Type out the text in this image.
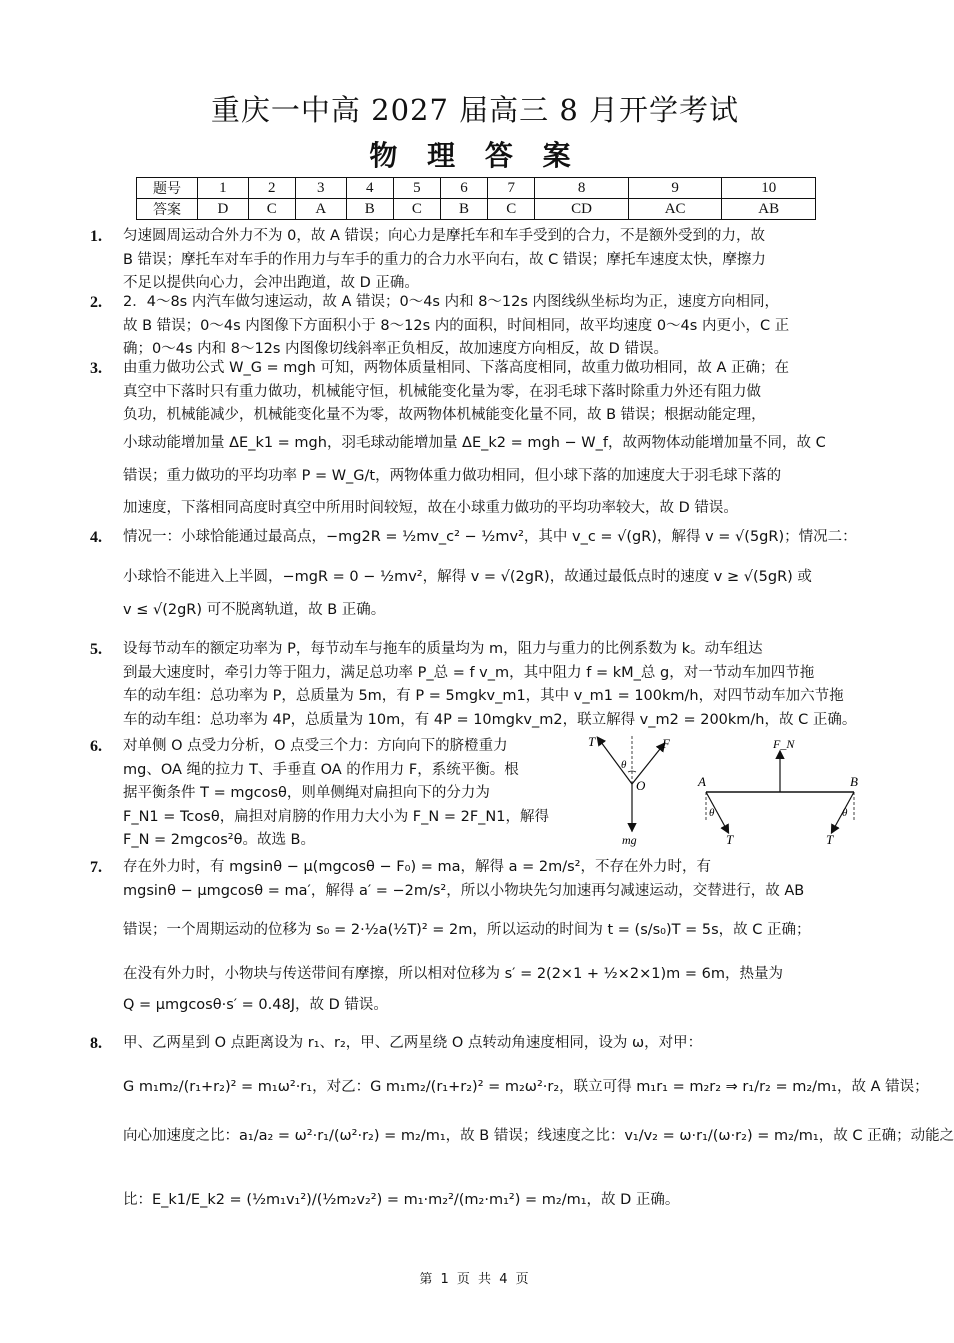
重庆一中高 2027 届高三 8 月开学考试
物 理 答 案
题号	1	2	3	4	5	6	7	8	9	10
答案	D	C	A	B	C	B	C	CD	AC	AB
1. 匀速圆周运动合外力不为 0，故 A 错误；向心力是摩托车和车手受到的合力，不是额外受到的力，故
B 错误；摩托车对车手的作用力与车手的重力的合力水平向右，故 C 错误；摩托车速度太快，摩擦力
不足以提供向心力，会冲出跑道，故 D 正确。
2. 2．4～8s 内汽车做匀速运动，故 A 错误；0～4s 内和 8～12s 内图线纵坐标均为正，速度方向相同，
故 B 错误；0～4s 内图像下方面积小于 8～12s 内的面积，时间相同，故平均速度 0～4s 内更小，C 正
确；0～4s 内和 8～12s 内图像切线斜率正负相反，故加速度方向相反，故 D 错误。
3. 由重力做功公式 W_G = mgh 可知，两物体质量相同、下落高度相同，故重力做功相同，故 A 正确；在
真空中下落时只有重力做功，机械能守恒，机械能变化量为零，在羽毛球下落时除重力外还有阻力做
负功，机械能减少，机械能变化量不为零，故两物体机械能变化量不同，故 B 错误；根据动能定理，
小球动能增加量 ΔE_k1 = mgh，羽毛球动能增加量 ΔE_k2 = mgh − W_f，故两物体动能增加量不同，故 C
错误；重力做功的平均功率 P = W_G/t，两物体重力做功相同，但小球下落的加速度大于羽毛球下落的
加速度，下落相同高度时真空中所用时间较短，故在小球重力做功的平均功率较大，故 D 错误。
4. 情况一：小球恰能通过最高点，−mg2R = ½mv_c² − ½mv²，其中 v_c = √(gR)，解得 v = √(5gR)；情况二：
小球恰不能进入上半圆，−mgR = 0 − ½mv²，解得 v = √(2gR)，故通过最低点时的速度 v ≥ √(5gR) 或
v ≤ √(2gR) 可不脱离轨道，故 B 正确。
5. 设每节动车的额定功率为 P，每节动车与拖车的质量均为 m，阻力与重力的比例系数为 k。动车组达
到最大速度时，牵引力等于阻力，满足总功率 P_总 = f v_m，其中阻力 f = kM_总 g，对一节动车加四节拖
车的动车组：总功率为 P，总质量为 5m，有 P = 5mgkv_m1，其中 v_m1 = 100km/h，对四节动车加六节拖
车的动车组：总功率为 4P，总质量为 10m，有 4P = 10mgkv_m2，联立解得 v_m2 = 200km/h，故 C 正确。
6. 对单侧 O 点受力分析，O 点受三个力：方向向下的脐橙重力
mg、OA 绳的拉力 T、手垂直 OA 的作用力 F，系统平衡。根
据平衡条件 T = mgcosθ，则单侧绳对扁担向下的分力为
F_N1 = Tcosθ，扁担对肩膀的作用力大小为 F_N = 2F_N1，解得
F_N = 2mgcos²θ。故选 B。
T	F
θ
O
mg
F_N
A	B
θ	θ
T	T
7. 存在外力时，有 mgsinθ − μ(mgcosθ − F₀) = ma，解得 a = 2m/s²，不存在外力时，有
mgsinθ − μmgcosθ = ma′，解得 a′ = −2m/s²，所以小物块先匀加速再匀减速运动，交替进行，故 AB
错误；一个周期运动的位移为 s₀ = 2·½a(½T)² = 2m，所以运动的时间为 t = (s/s₀)T = 5s，故 C 正确；
在没有外力时，小物块与传送带间有摩擦，所以相对位移为 s′ = 2(2×1 + ½×2×1)m = 6m，热量为
Q = μmgcosθ·s′ = 0.48J，故 D 错误。
8. 甲、乙两星到 O 点距离设为 r₁、r₂，甲、乙两星绕 O 点转动角速度相同，设为 ω，对甲：
G m₁m₂/(r₁+r₂)² = m₁ω²·r₁，对乙：G m₁m₂/(r₁+r₂)² = m₂ω²·r₂，联立可得 m₁r₁ = m₂r₂ ⇒ r₁/r₂ = m₂/m₁，故 A 错误；
向心加速度之比：a₁/a₂ = ω²·r₁/(ω²·r₂) = m₂/m₁，故 B 错误；线速度之比：v₁/v₂ = ω·r₁/(ω·r₂) = m₂/m₁，故 C 正确；动能之
比：E_k1/E_k2 = (½m₁v₁²)/(½m₂v₂²) = m₁·m₂²/(m₂·m₁²) = m₂/m₁，故 D 正确。
第 1 页 共 4 页
